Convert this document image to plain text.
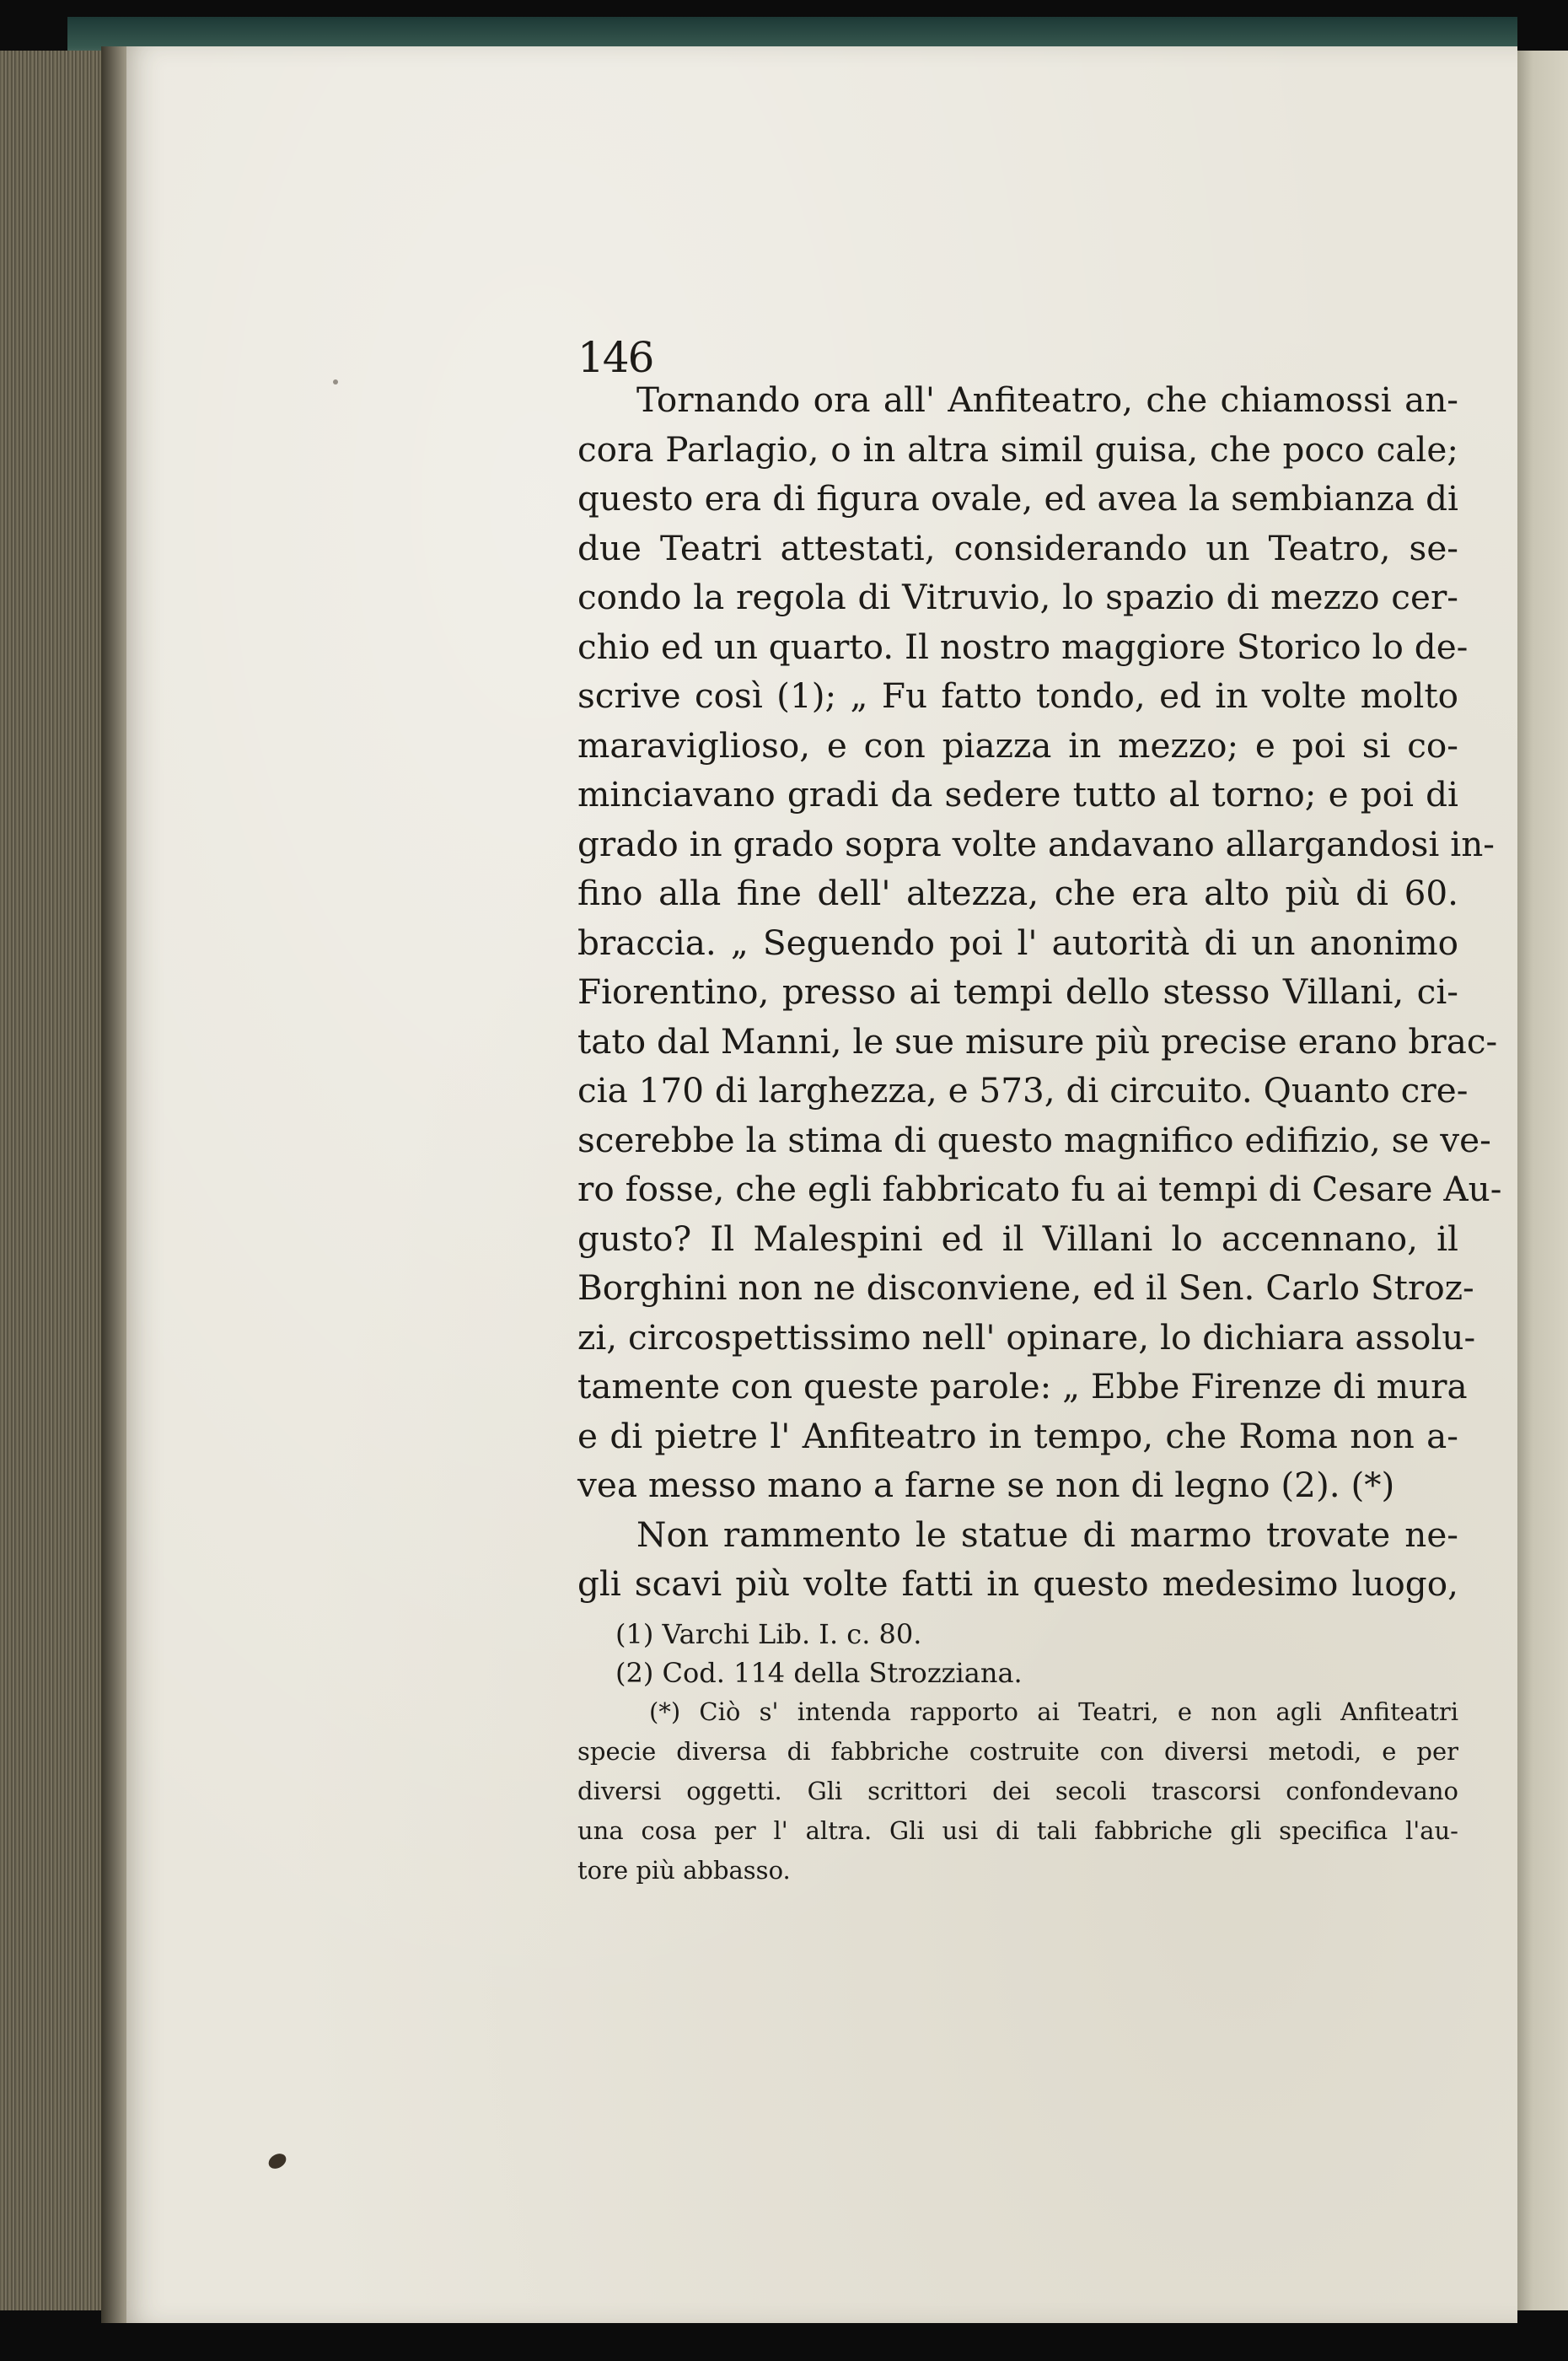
146
Tornando ora all' Anfiteatro, che chiamossi an-
cora Parlagio, o in altra simil guisa, che poco cale;
questo era di figura ovale, ed avea la sembianza di
due Teatri attestati, considerando un Teatro, se-
condo la regola di Vitruvio, lo spazio di mezzo cer-
chio ed un quarto. Il nostro maggiore Storico lo de-
scrive così (1); „ Fu fatto tondo, ed in volte molto
maraviglioso, e con piazza in mezzo; e poi si co-
minciavano gradi da sedere tutto al torno; e poi di
grado in grado sopra volte andavano allargandosi in-
fino alla fine dell' altezza, che era alto più di 60.
braccia. „ Seguendo poi l' autorità di un anonimo
Fiorentino, presso ai tempi dello stesso Villani, ci-
tato dal Manni, le sue misure più precise erano brac-
cia 170 di larghezza, e 573, di circuito. Quanto cre-
scerebbe la stima di questo magnifico edifizio, se ve-
ro fosse, che egli fabbricato fu ai tempi di Cesare Au-
gusto? Il Malespini ed il Villani lo accennano, il
Borghini non ne disconviene, ed il Sen. Carlo Stroz-
zi, circospettissimo nell' opinare, lo dichiara assolu-
tamente con queste parole: „ Ebbe Firenze di mura
e di pietre l' Anfiteatro in tempo, che Roma non a-
vea messo mano a farne se non di legno (2). (*)
Non rammento le statue di marmo trovate ne-
gli scavi più volte fatti in questo medesimo luogo,
(1) Varchi Lib. I. c. 80.
(2) Cod. 114 della Strozziana.
(*) Ciò s' intenda rapporto ai Teatri, e non agli Anfiteatri
specie diversa di fabbriche costruite con diversi metodi, e per
diversi oggetti. Gli scrittori dei secoli trascorsi confondevano
una cosa per l' altra. Gli usi di tali fabbriche gli specifica l'au-
tore più abbasso.
